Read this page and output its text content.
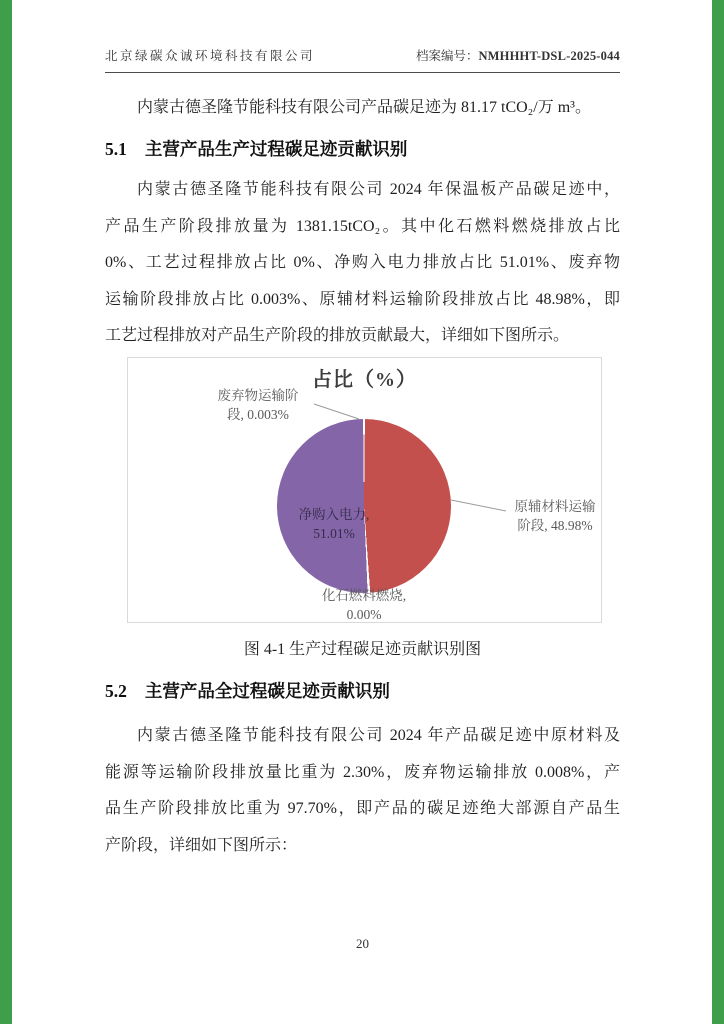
北京绿碳众诚环境科技有限公司	档案编号：NMHHHT-DSL-2025-044
内蒙古德圣隆节能科技有限公司产品碳足迹为 81.17 tCO₂/万 m³。
5.1 主营产品生产过程碳足迹贡献识别
内蒙古德圣隆节能科技有限公司 2024 年保温板产品碳足迹中，
产品生产阶段排放量为 1381.15tCO₂。其中化石燃料燃烧排放占比
0%、工艺过程排放占比 0%、净购入电力排放占比 51.01%、废弃物
运输阶段排放占比 0.003%、原辅材料运输阶段排放占比 48.98%，即
工艺过程排放对产品生产阶段的排放贡献最大，详细如下图所示。
占比（%）
废弃物运输阶
段, 0.003%
净购入电力,
51.01%
原辅材料运输
阶段, 48.98%
化石燃料燃烧,
0.00%
图 4-1 生产过程碳足迹贡献识别图
5.2 主营产品全过程碳足迹贡献识别
内蒙古德圣隆节能科技有限公司 2024 年产品碳足迹中原材料及
能源等运输阶段排放量比重为 2.30%，废弃物运输排放 0.008%，产
品生产阶段排放比重为 97.70%，即产品的碳足迹绝大部源自产品生
产阶段，详细如下图所示：
20
